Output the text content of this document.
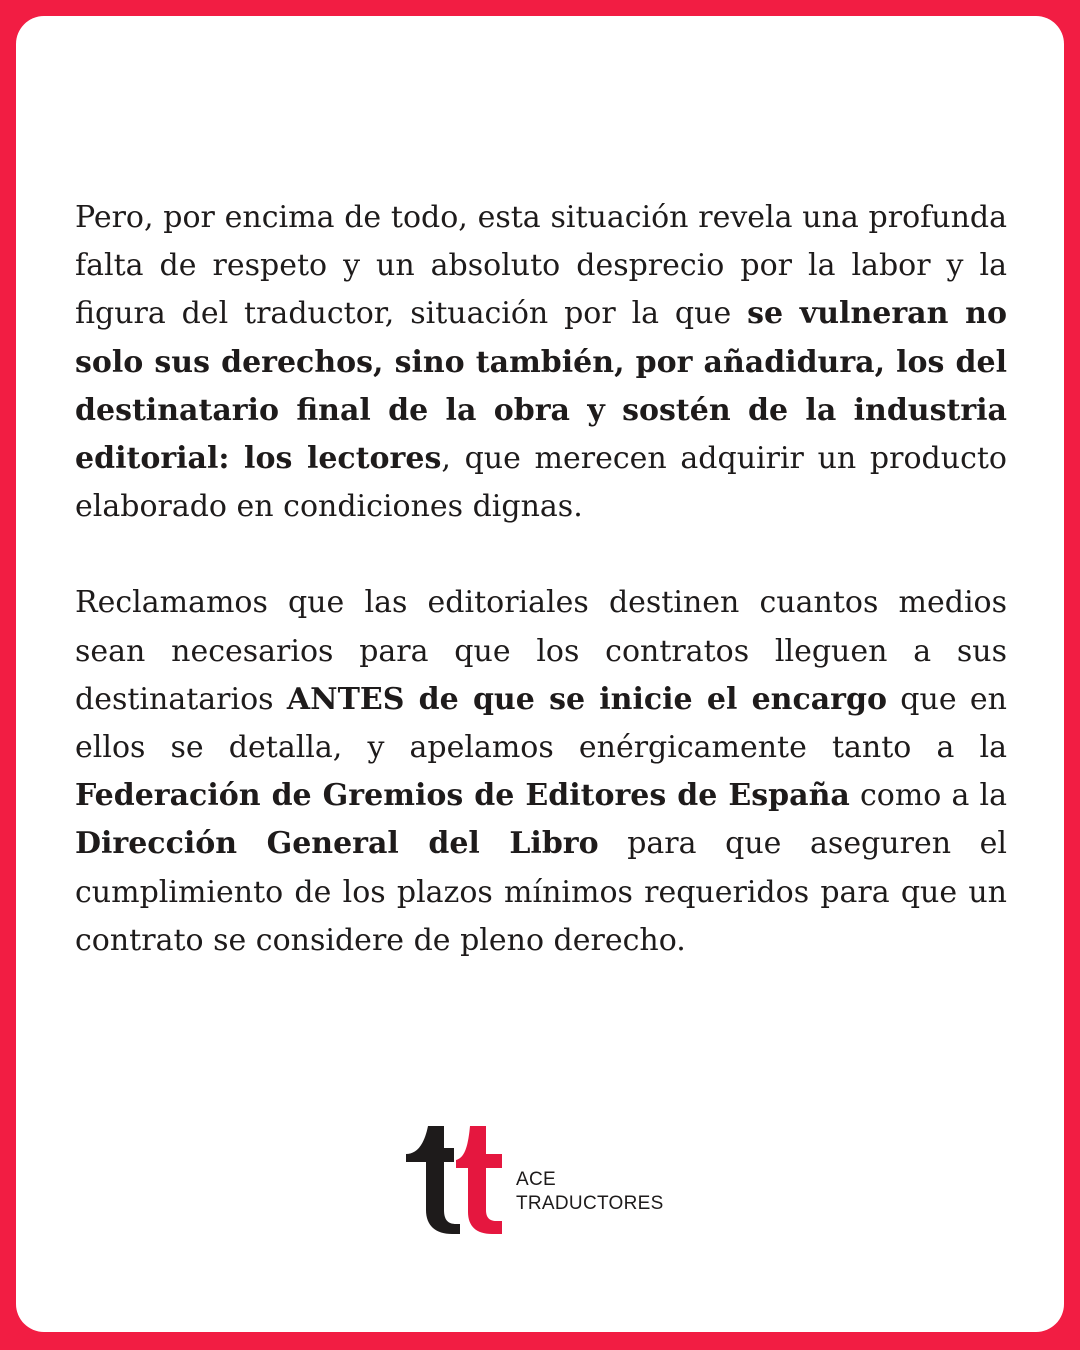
Pero, por encima de todo, esta situación revela una profunda falta de respeto y un absoluto desprecio por la labor y la figura del traductor, situación por la que se vulneran no solo sus derechos, sino también, por añadidura, los del destinatario final de la obra y sostén de la industria editorial: los lectores, que merecen adquirir un producto elaborado en condiciones dignas.

Reclamamos que las editoriales destinen cuantos medios sean necesarios para que los contratos lleguen a sus destinatarios ANTES de que se inicie el encargo que en ellos se detalla, y apelamos enérgicamente tanto a la Federación de Gremios de Editores de España como a la Dirección General del Libro para que aseguren el cumplimiento de los plazos mínimos requeridos para que un contrato se considere de pleno derecho.

ACE
TRADUCTORES
